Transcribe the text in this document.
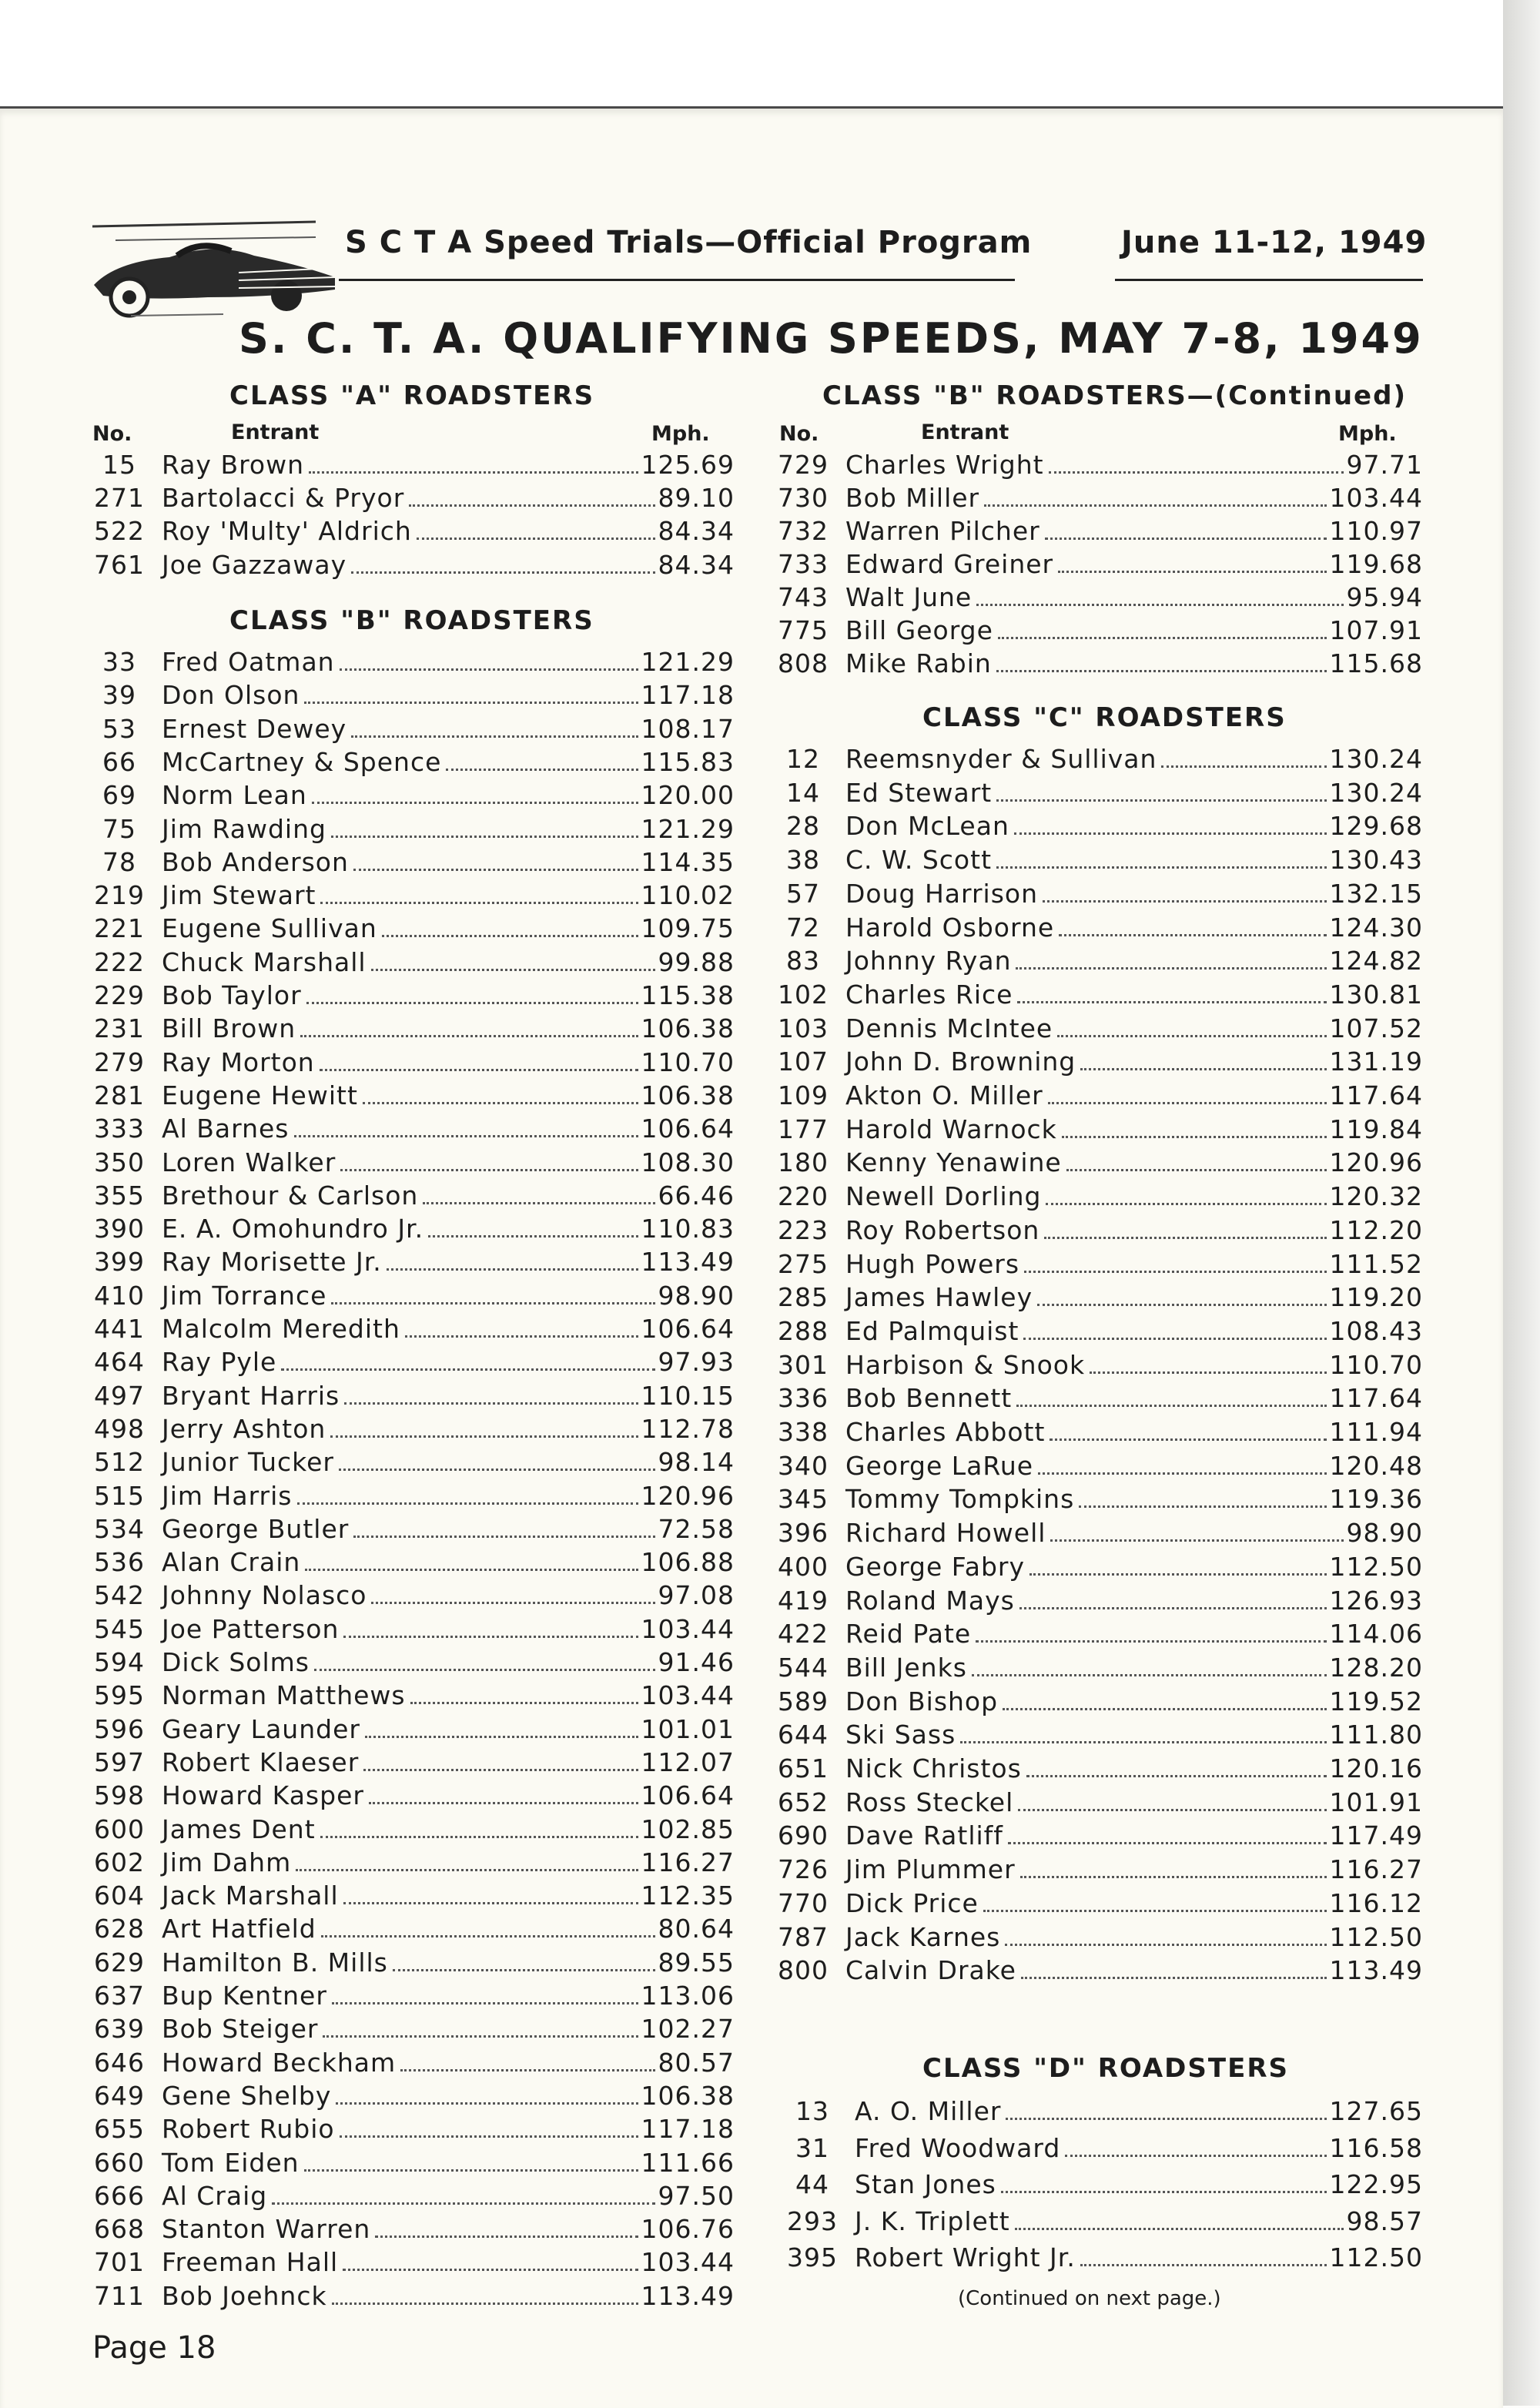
S C T A Speed Trials—Official Program	June 11-12, 1949
S. C. T. A. QUALIFYING SPEEDS, MAY 7-8, 1949
CLASS "A" ROADSTERS
No.	Entrant	Mph.
15	Ray Brown	125.69
271 Bartolacci & Pryor	89.10
522 Roy 'Multy' Aldrich	84.34
761 Joe Gazzaway	84.34
CLASS "B" ROADSTERS
33	Fred Oatman	121.29
39	Don Olson	117.18
53	Ernest Dewey	108.17
66	McCartney & Spence	115.83
69	Norm Lean	120.00
75	Jim Rawding	121.29
78	Bob Anderson	114.35
219 Jim Stewart	110.02
221 Eugene Sullivan	109.75
222 Chuck Marshall	99.88
229 Bob Taylor	115.38
231 Bill Brown	106.38
279 Ray Morton	110.70
281 Eugene Hewitt	106.38
333 Al Barnes	106.64
350 Loren Walker	108.30
355 Brethour & Carlson	66.46
390 E. A. Omohundro Jr.	110.83
399 Ray Morisette Jr.	113.49
410 Jim Torrance	98.90
441 Malcolm Meredith	106.64
464 Ray Pyle	97.93
497 Bryant Harris	110.15
498 Jerry Ashton	112.78
512 Junior Tucker	98.14
515 Jim Harris	120.96
534 George Butler	72.58
536 Alan Crain	106.88
542 Johnny Nolasco	97.08
545 Joe Patterson	103.44
594 Dick Solms	91.46
595 Norman Matthews	103.44
596 Geary Launder	101.01
597 Robert Klaeser	112.07
598 Howard Kasper	106.64
600 James Dent	102.85
602 Jim Dahm	116.27
604 Jack Marshall	112.35
628 Art Hatfield	80.64
629 Hamilton B. Mills	89.55
637 Bup Kentner	113.06
639 Bob Steiger	102.27
646 Howard Beckham	80.57
649 Gene Shelby	106.38
655 Robert Rubio	117.18
660 Tom Eiden	111.66
666 Al Craig	97.50
668 Stanton Warren	106.76
701 Freeman Hall	103.44
711 Bob Joehnck	113.49
CLASS "B" ROADSTERS—(Continued)
No.	Entrant	Mph.
729 Charles Wright	97.71
730 Bob Miller	103.44
732 Warren Pilcher	110.97
733 Edward Greiner	119.68
743 Walt June	95.94
775 Bill George	107.91
808 Mike Rabin	115.68
CLASS "C" ROADSTERS
12	Reemsnyder & Sullivan	130.24
14	Ed Stewart	130.24
28	Don McLean	129.68
38	C. W. Scott	130.43
57	Doug Harrison	132.15
72	Harold Osborne	124.30
83	Johnny Ryan	124.82
102 Charles Rice	130.81
103 Dennis McIntee	107.52
107 John D. Browning	131.19
109 Akton O. Miller	117.64
177 Harold Warnock	119.84
180 Kenny Yenawine	120.96
220 Newell Dorling	120.32
223 Roy Robertson	112.20
275 Hugh Powers	111.52
285 James Hawley	119.20
288 Ed Palmquist	108.43
301 Harbison & Snook	110.70
336 Bob Bennett	117.64
338 Charles Abbott	111.94
340 George LaRue	120.48
345 Tommy Tompkins	119.36
396 Richard Howell	98.90
400 George Fabry	112.50
419 Roland Mays	126.93
422 Reid Pate	114.06
544 Bill Jenks	128.20
589 Don Bishop	119.52
644 Ski Sass	111.80
651 Nick Christos	120.16
652 Ross Steckel	101.91
690 Dave Ratliff	117.49
726 Jim Plummer	116.27
770 Dick Price	116.12
787 Jack Karnes	112.50
800 Calvin Drake	113.49
CLASS "D" ROADSTERS
13	A. O. Miller	127.65
31	Fred Woodward	116.58
44	Stan Jones	122.95
293 J. K. Triplett	98.57
395 Robert Wright Jr.	112.50
(Continued on next page.)
Page 18
